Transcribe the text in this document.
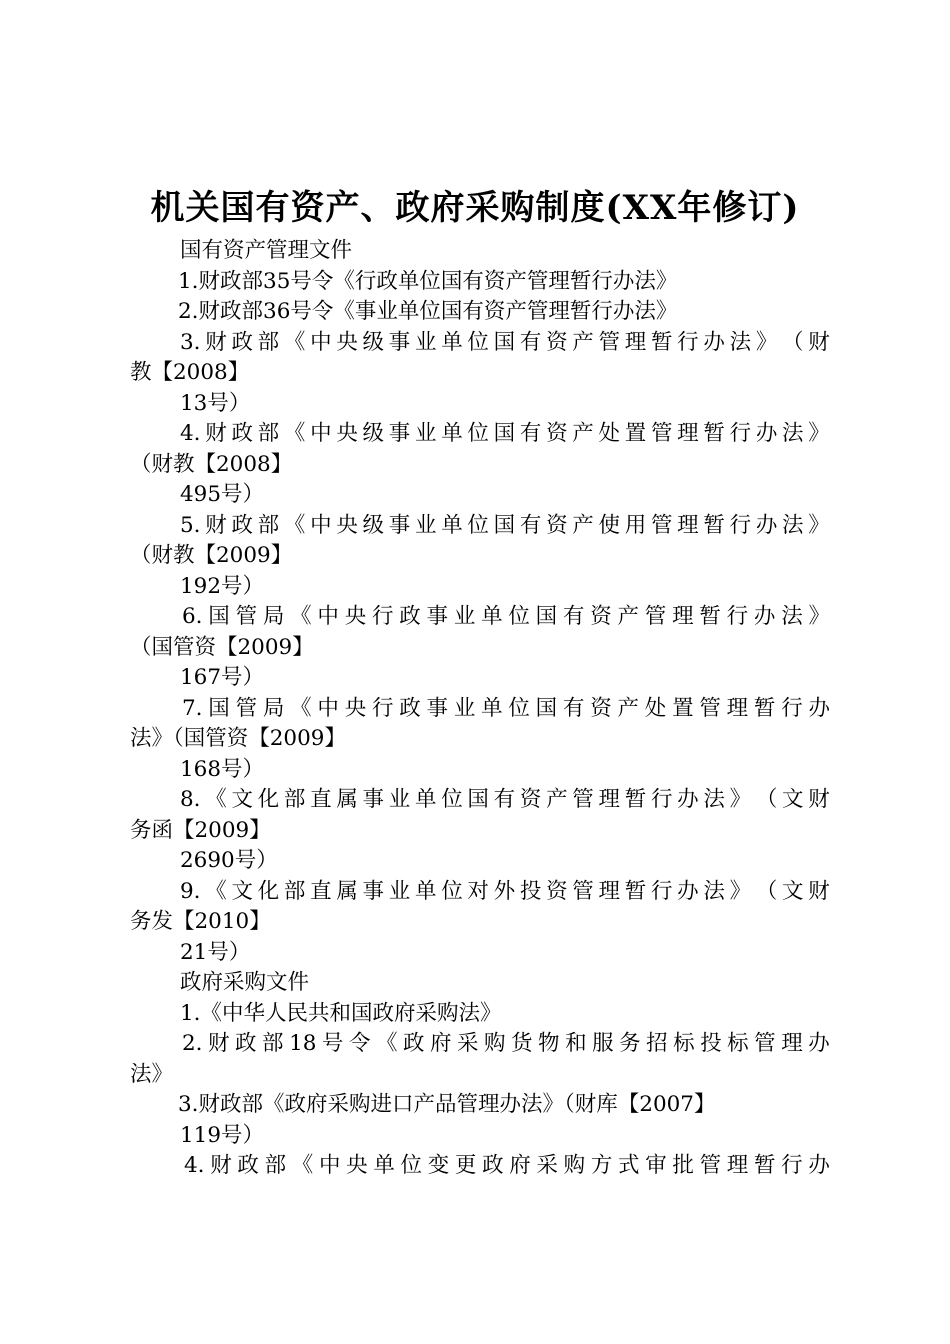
机关国有资产、政府采购制度(XX年修订)
国有资产管理文件
1.财政部35号令《行政单位国有资产管理暂行办法》
2.财政部36号令《事业单位国有资产管理暂行办法》
3. 财 政 部 《 中 央 级 事 业 单 位 国 有 资 产 管 理 暂 行 办 法 》 （ 财
教【2008】
13号）
4. 财 政 部 《 中 央 级 事 业 单 位 国 有 资 产 处 置 管 理 暂 行 办 法 》
（财教【2008】
495号）
5. 财 政 部 《 中 央 级 事 业 单 位 国 有 资 产 使 用 管 理 暂 行 办 法 》
（财教【2009】
192号）
6. 国 管 局 《 中 央 行 政 事 业 单 位 国 有 资 产 管 理 暂 行 办 法 》
（国管资【2009】
167号）
7. 国 管 局 《 中 央 行 政 事 业 单 位 国 有 资 产 处 置 管 理 暂 行 办
法》（国管资【2009】
168号）
8. 《 文 化 部 直 属 事 业 单 位 国 有 资 产 管 理 暂 行 办 法 》 （ 文 财
务函【2009】
2690号）
9. 《 文 化 部 直 属 事 业 单 位 对 外 投 资 管 理 暂 行 办 法 》 （ 文 财
务发【2010】
21号）
政府采购文件
1.《中华人民共和国政府采购法》
2. 财 政 部 18 号 令 《 政 府 采 购 货 物 和 服 务 招 标 投 标 管 理 办
法》
3.财政部《政府采购进口产品管理办法》（财库【2007】
119号）
4. 财 政 部 《 中 央 单 位 变 更 政 府 采 购 方 式 审 批 管 理 暂 行 办
